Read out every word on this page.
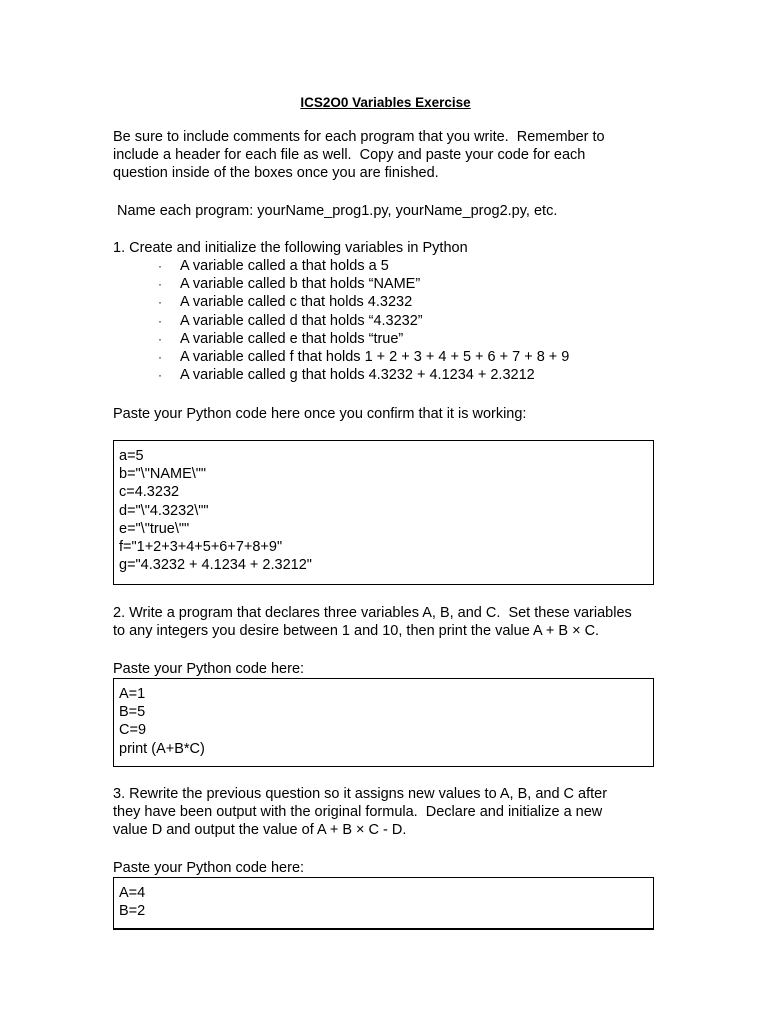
ICS2O0 Variables Exercise

Be sure to include comments for each program that you write.  Remember to
include a header for each file as well.  Copy and paste your code for each
question inside of the boxes once you are finished.

Name each program: yourName_prog1.py, yourName_prog2.py, etc.

1. Create and initialize the following variables in Python

· A variable called a that holds a 5
· A variable called b that holds “NAME”
· A variable called c that holds 4.3232
· A variable called d that holds “4.3232”
· A variable called e that holds “true”
· A variable called f that holds 1 + 2 + 3 + 4 + 5 + 6 + 7 + 8 + 9
· A variable called g that holds 4.3232 + 4.1234 + 2.3212

Paste your Python code here once you confirm that it is working:

a=5
b="\"NAME\""
c=4.3232
d="\"4.3232\""
e="\"true\""
f="1+2+3+4+5+6+7+8+9"
g="4.3232 + 4.1234 + 2.3212"

2. Write a program that declares three variables A, B, and C.  Set these variables
to any integers you desire between 1 and 10, then print the value A + B × C.

Paste your Python code here:

A=1
B=5
C=9
print (A+B*C)

3. Rewrite the previous question so it assigns new values to A, B, and C after
they have been output with the original formula.  Declare and initialize a new
value D and output the value of A + B × C - D.

Paste your Python code here:

A=4
B=2
